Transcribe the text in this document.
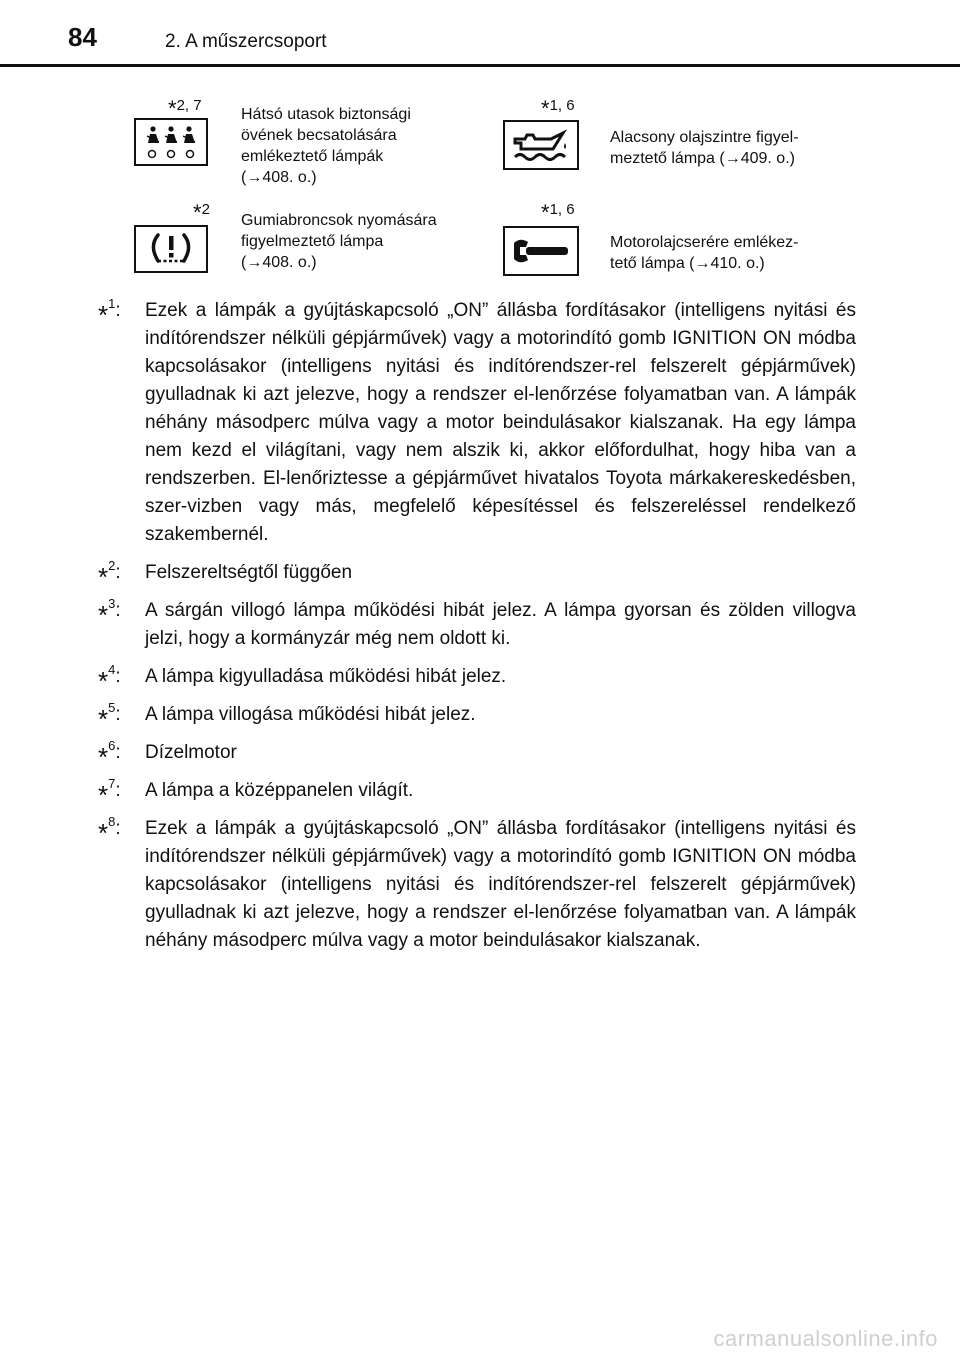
84	2. A műszercsoport
*2, 7
Hátsó utasok biztonsági
övének becsatolására
emlékeztető lámpák
(→408. o.)
*1, 6
Alacsony olajszintre figyel-
meztető lámpa (→409. o.)
*2
Gumiabroncsok nyomására
figyelmeztető lámpa
(→408. o.)
*1, 6
Motorolajcserére emlékez-
tető lámpa (→410. o.)
*$^1$: Ezek a lámpák a gyújtáskapcsoló „ON” állásba fordításakor (intelligens nyitási és indítórendszer nélküli gépjárművek) vagy a motorindító gomb IGNITION ON módba kapcsolásakor (intelligens nyitási és indítórendszer-rel felszerelt gépjárművek) gyulladnak ki azt jelezve, hogy a rendszer el-lenőrzése folyamatban van. A lámpák néhány másodperc múlva vagy a motor beindulásakor kialszanak. Ha egy lámpa nem kezd el világítani, vagy nem alszik ki, akkor előfordulhat, hogy hiba van a rendszerben. El-lenőriztesse a gépjárművet hivatalos Toyota márkakereskedésben, szer-vizben vagy más, megfelelő képesítéssel és felszereléssel rendelkező szakembernél.
*$^2$: Felszereltségtől függően
*$^3$: A sárgán villogó lámpa működési hibát jelez. A lámpa gyorsan és zölden villogva jelzi, hogy a kormányzár még nem oldott ki.
*$^4$: A lámpa kigyulladása működési hibát jelez.
*$^5$: A lámpa villogása működési hibát jelez.
*$^6$: Dízelmotor
*$^7$: A lámpa a középpanelen világít.
*$^8$: Ezek a lámpák a gyújtáskapcsoló „ON” állásba fordításakor (intelligens nyitási és indítórendszer nélküli gépjárművek) vagy a motorindító gomb IGNITION ON módba kapcsolásakor (intelligens nyitási és indítórendszer-rel felszerelt gépjárművek) gyulladnak ki azt jelezve, hogy a rendszer el-lenőrzése folyamatban van. A lámpák néhány másodperc múlva vagy a motor beindulásakor kialszanak.
carmanualsonline.info
